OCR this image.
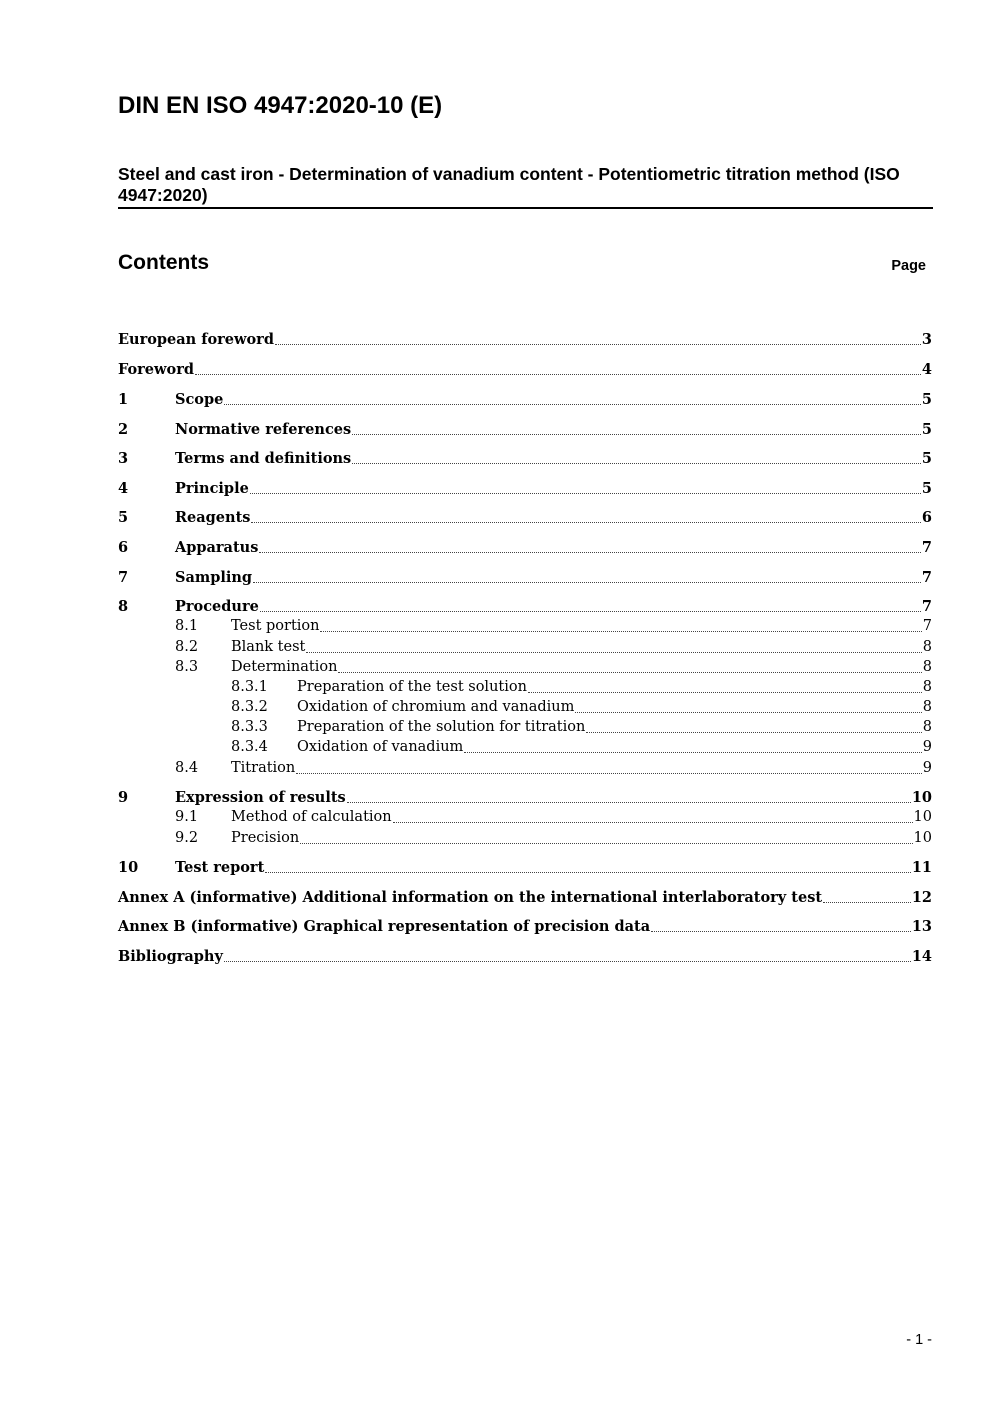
DIN EN ISO 4947:2020-10 (E)
Steel and cast iron - Determination of vanadium content - Potentiometric titration method (ISO 4947:2020)
Contents	Page
European foreword	3
Foreword	4
1	Scope	5
2	Normative references	5
3	Terms and definitions	5
4	Principle	5
5	Reagents	6
6	Apparatus	7
7	Sampling	7
8	Procedure	7
8.1	Test portion	7
8.2	Blank test	8
8.3	Determination	8
8.3.1	Preparation of the test solution	8
8.3.2	Oxidation of chromium and vanadium	8
8.3.3	Preparation of the solution for titration	8
8.3.4	Oxidation of vanadium	9
8.4	Titration	9
9	Expression of results	10
9.1	Method of calculation	10
9.2	Precision	10
10	Test report	11
Annex A (informative) Additional information on the international interlaboratory test	12
Annex B (informative) Graphical representation of precision data	13
Bibliography	14
- 1 -
